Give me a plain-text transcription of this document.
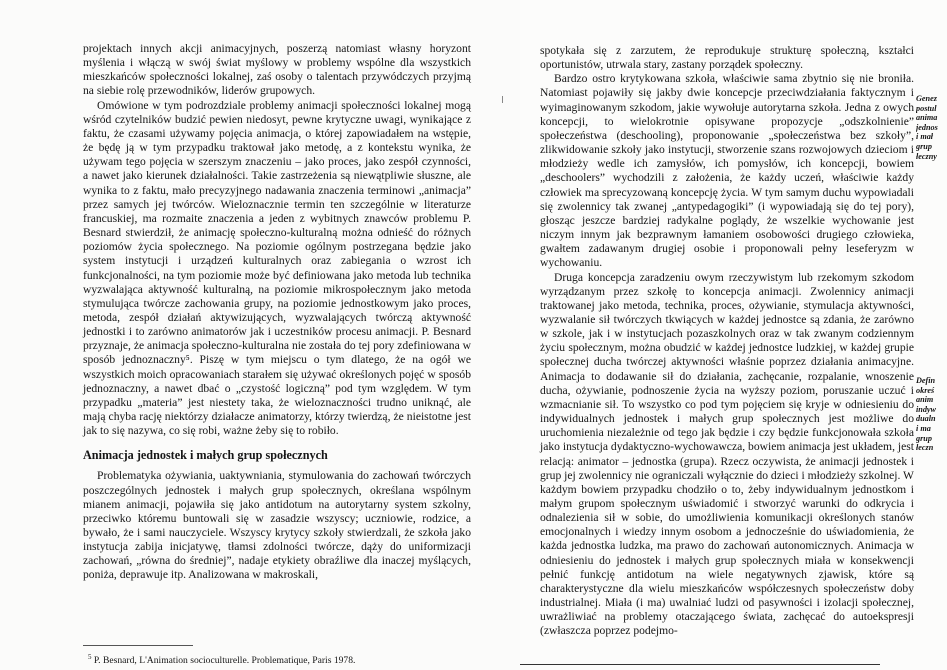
projektach innych akcji animacyjnych, poszerzą natomiast własny horyzont myślenia i włączą w swój świat myślowy w problemy wspólne dla wszystkich mieszkańców społeczności lokalnej, zaś osoby o talentach przywódczych przyjmą na siebie rolę przewodników, liderów grupowych.

Omówione w tym podrozdziale problemy animacji społeczności lokalnej mogą wśród czytelników budzić pewien niedosyt, pewne krytyczne uwagi, wynikające z faktu, że czasami używamy pojęcia animacja, o której zapowiadałem na wstępie, że będę ją w tym przypadku traktował jako metodę, a z kontekstu wynika, że używam tego pojęcia w szerszym znaczeniu – jako proces, jako zespół czynności, a nawet jako kierunek działalności. Takie zastrzeżenia są niewątpliwie słuszne, ale wynika to z faktu, mało precyzyjnego nadawania znaczenia terminowi „animacja” przez samych jej twórców. Wieloznacznie termin ten szczególnie w literaturze francuskiej, ma rozmaite znaczenia a jeden z wybitnych znawców problemu P. Besnard stwierdził, że animację społeczno-kulturalną można odnieść do różnych poziomów życia społecznego. Na poziomie ogólnym postrzegana będzie jako system instytucji i urządzeń kulturalnych oraz zabiegania o wzrost ich funkcjonalności, na tym poziomie może być definiowana jako metoda lub technika wyzwalająca aktywność kulturalną, na poziomie mikrospołecznym jako metoda stymulująca twórcze zachowania grupy, na poziomie jednostkowym jako proces, metoda, zespół działań aktywizujących, wyzwalających twórczą aktywność jednostki i to zarówno animatorów jak i uczestników procesu animacji. P. Besnard przyznaje, że animacja społeczno-kulturalna nie została do tej pory zdefiniowana w sposób jednoznaczny⁵. Piszę w tym miejscu o tym dlatego, że na ogół we wszystkich moich opracowaniach starałem się używać określonych pojęć w sposób jednoznaczny, a nawet dbać o „czystość logiczną” pod tym względem. W tym przypadku „materia” jest niestety taka, że wieloznaczności trudno uniknąć, ale mają chyba rację niektórzy działacze animatorzy, którzy twierdzą, że nieistotne jest jak to się nazywa, co się robi, ważne żeby się to robiło.

Animacja jednostek i małych grup społecznych

Problematyka ożywiania, uaktywniania, stymulowania do zachowań twórczych poszczególnych jednostek i małych grup społecznych, określana wspólnym mianem animacji, pojawiła się jako antidotum na autorytarny system szkolny, przeciwko któremu buntowali się w zasadzie wszyscy; uczniowie, rodzice, a bywało, że i sami nauczyciele. Wszyscy krytycy szkoły stwierdzali, że szkoła jako instytucja zabija inicjatywę, tłamsi zdolności twórcze, dąży do uniformizacji zachowań, „równa do średniej”, nadaje etykiety obraźliwe dla inaczej myślących, poniża, deprawuje itp. Analizowana w makroskali,

$^5$ P. Besnard, L'Animation socioculturelle. Problematique, Paris 1978.

spotykała się z zarzutem, że reprodukuje strukturę społeczną, kształci oportunistów, utrwala stary, zastany porządek społeczny.

Bardzo ostro krytykowana szkoła, właściwie sama zbytnio się nie broniła. Natomiast pojawiły się jakby dwie koncepcje przeciwdziałania faktycznym i wyimaginowanym szkodom, jakie wywołuje autorytarna szkoła. Jedna z owych koncepcji, to wielokrotnie opisywane propozycje „odszkolnienie” społeczeństwa (deschooling), proponowanie „społeczeństwa bez szkoły”, zlikwidowanie szkoły jako instytucji, stworzenie szans rozwojowych dzieciom i młodzieży wedle ich zamysłów, ich pomysłów, ich koncepcji, bowiem „deschoolers” wychodzili z założenia, że każdy uczeń, właściwie każdy człowiek ma sprecyzowaną koncepcję życia. W tym samym duchu wypowiadali się zwolennicy tak zwanej „antypedagogiki” (i wypowiadają się do tej pory), głosząc jeszcze bardziej radykalne poglądy, że wszelkie wychowanie jest niczym innym jak bezprawnym łamaniem osobowości drugiego człowieka, gwałtem zadawanym drugiej osobie i proponowali pełny leseferyzm w wychowaniu.

Druga koncepcja zaradzeniu owym rzeczywistym lub rzekomym szkodom wyrządzanym przez szkołę to koncepcja animacji. Zwolennicy animacji traktowanej jako metoda, technika, proces, ożywianie, stymulacja aktywności, wyzwalanie sił twórczych tkwiących w każdej jednostce są zdania, że zarówno w szkole, jak i w instytucjach pozaszkolnych oraz w tak zwanym codziennym życiu społecznym, można obudzić w każdej jednostce ludzkiej, w każdej grupie społecznej ducha twórczej aktywności właśnie poprzez działania animacyjne. Animacja to dodawanie sił do działania, zachęcanie, rozpalanie, wnoszenie ducha, ożywianie, podnoszenie życia na wyższy poziom, poruszanie uczuć i wzmacnianie sił. To wszystko co pod tym pojęciem się kryje w odniesieniu do indywidualnych jednostek i małych grup społecznych jest możliwe do uruchomienia niezależnie od tego jak będzie i czy będzie funkcjonowała szkoła jako instytucja dydaktyczno-wychowawcza, bowiem animacja jest układem, jest relacją: animator – jednostka (grupa). Rzecz oczywista, że animacji jednostek i grup jej zwolennicy nie ograniczali wyłącznie do dzieci i młodzieży szkolnej. W każdym bowiem przypadku chodziło o to, żeby indywidualnym jednostkom i małym grupom społecznym uświadomić i stworzyć warunki do odkrycia i odnalezienia sił w sobie, do umożliwienia komunikacji określonych stanów emocjonalnych i wiedzy innym osobom a jednocześnie do uświadomienia, że każda jednostka ludzka, ma prawo do zachowań autonomicznych. Animacja w odniesieniu do jednostek i małych grup społecznych miała w konsekwencji pełnić funkcję antidotum na wiele negatywnych zjawisk, które są charakterystyczne dla wielu mieszkańców współczesnych społeczeństw doby industrialnej. Miała (i ma) uwalniać ludzi od pasywności i izolacji społecznej, uwrażliwiać na problemy otaczającego świata, zachęcać do autoekspresji (zwłaszcza poprzez podejmo-

Genez
postul
anima
jednos
i mał
grup
łeczny
Defin
okreś
anim
indyw
dualn
i ma
grup
łeczn
